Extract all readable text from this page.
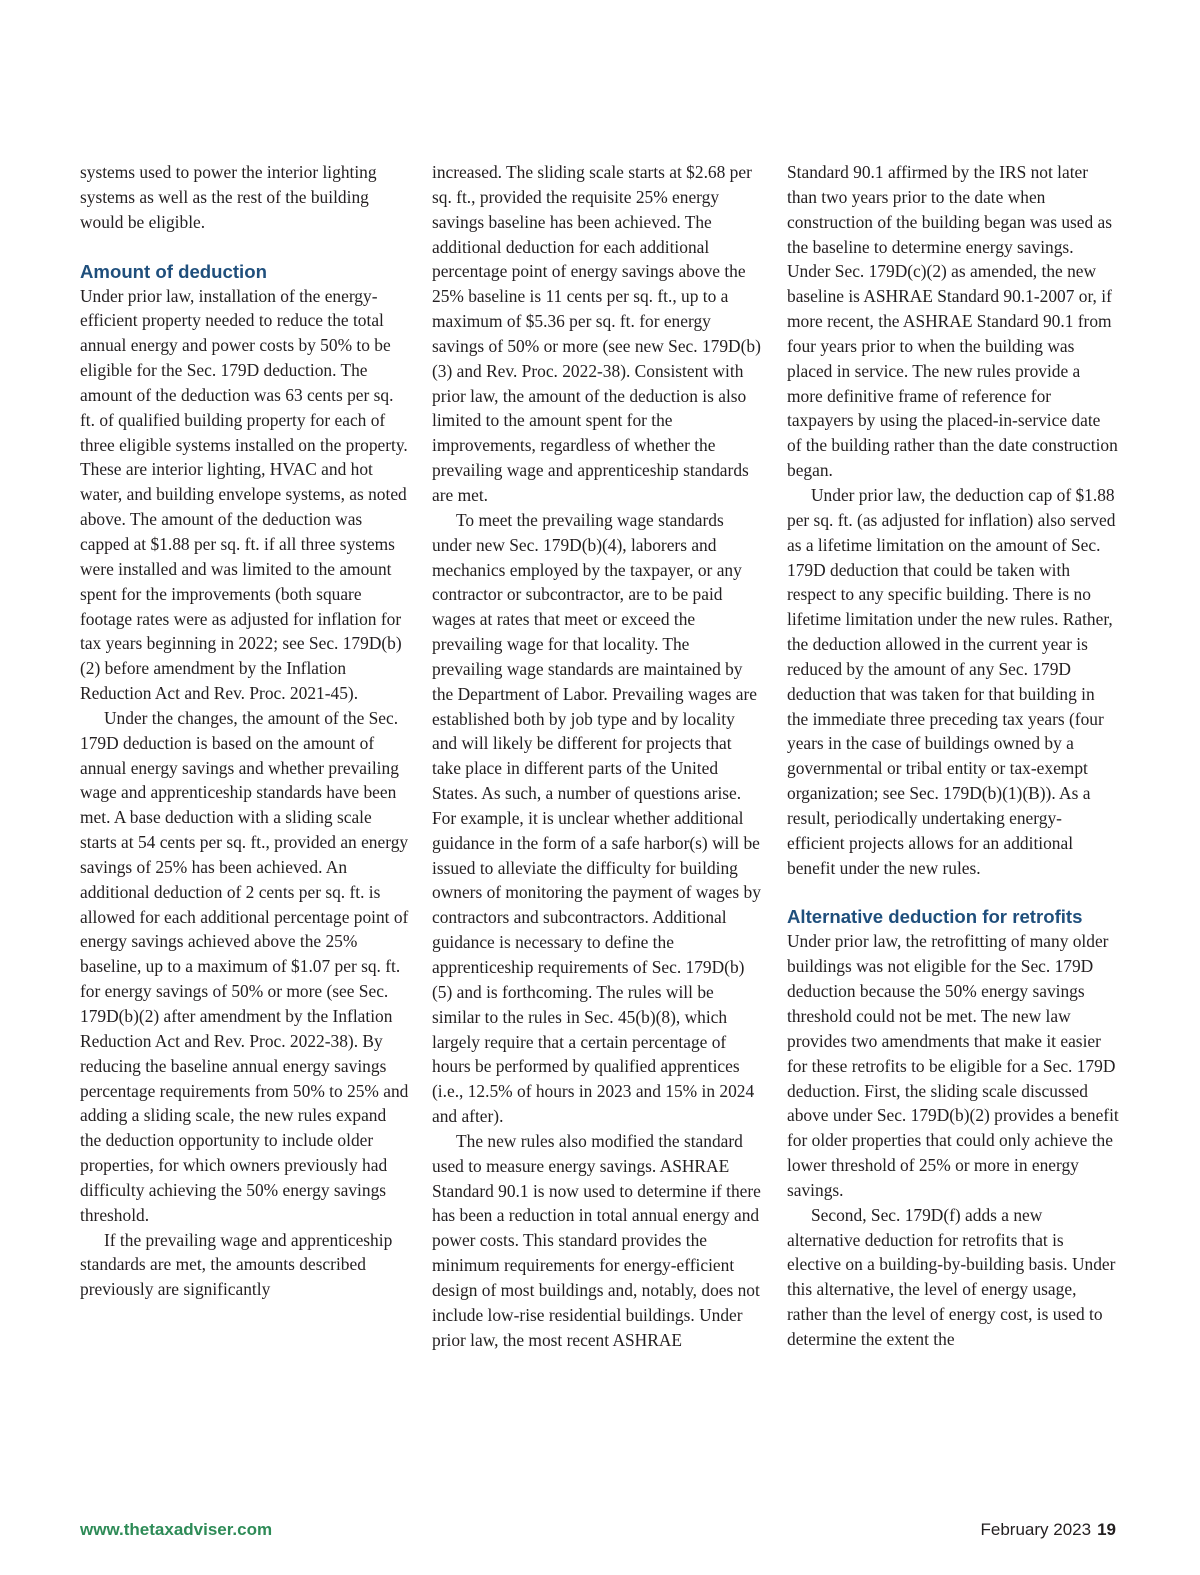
systems used to power the interior lighting systems as well as the rest of the building would be eligible.

Amount of deduction

Under prior law, installation of the energy-efficient property needed to reduce the total annual energy and power costs by 50% to be eligible for the Sec. 179D deduction. The amount of the deduction was 63 cents per sq. ft. of qualified building property for each of three eligible systems installed on the property. These are interior lighting, HVAC and hot water, and building envelope systems, as noted above. The amount of the deduction was capped at $1.88 per sq. ft. if all three systems were installed and was limited to the amount spent for the improvements (both square footage rates were as adjusted for inflation for tax years beginning in 2022; see Sec. 179D(b)(2) before amendment by the Inflation Reduction Act and Rev. Proc. 2021-45).

Under the changes, the amount of the Sec. 179D deduction is based on the amount of annual energy savings and whether prevailing wage and apprenticeship standards have been met. A base deduction with a sliding scale starts at 54 cents per sq. ft., provided an energy savings of 25% has been achieved. An additional deduction of 2 cents per sq. ft. is allowed for each additional percentage point of energy savings achieved above the 25% baseline, up to a maximum of $1.07 per sq. ft. for energy savings of 50% or more (see Sec. 179D(b)(2) after amendment by the Inflation Reduction Act and Rev. Proc. 2022-38). By reducing the baseline annual energy savings percentage requirements from 50% to 25% and adding a sliding scale, the new rules expand the deduction opportunity to include older properties, for which owners previously had difficulty achieving the 50% energy savings threshold.

If the prevailing wage and apprenticeship standards are met, the amounts described previously are significantly

increased. The sliding scale starts at $2.68 per sq. ft., provided the requisite 25% energy savings baseline has been achieved. The additional deduction for each additional percentage point of energy savings above the 25% baseline is 11 cents per sq. ft., up to a maximum of $5.36 per sq. ft. for energy savings of 50% or more (see new Sec. 179D(b)(3) and Rev. Proc. 2022-38). Consistent with prior law, the amount of the deduction is also limited to the amount spent for the improvements, regardless of whether the prevailing wage and apprenticeship standards are met.

To meet the prevailing wage standards under new Sec. 179D(b)(4), laborers and mechanics employed by the taxpayer, or any contractor or subcontractor, are to be paid wages at rates that meet or exceed the prevailing wage for that locality. The prevailing wage standards are maintained by the Department of Labor. Prevailing wages are established both by job type and by locality and will likely be different for projects that take place in different parts of the United States. As such, a number of questions arise. For example, it is unclear whether additional guidance in the form of a safe harbor(s) will be issued to alleviate the difficulty for building owners of monitoring the payment of wages by contractors and subcontractors. Additional guidance is necessary to define the apprenticeship requirements of Sec. 179D(b)(5) and is forthcoming. The rules will be similar to the rules in Sec. 45(b)(8), which largely require that a certain percentage of hours be performed by qualified apprentices (i.e., 12.5% of hours in 2023 and 15% in 2024 and after).

The new rules also modified the standard used to measure energy savings. ASHRAE Standard 90.1 is now used to determine if there has been a reduction in total annual energy and power costs. This standard provides the minimum requirements for energy-efficient design of most buildings and, notably, does not include low-rise residential buildings. Under prior law, the most recent ASHRAE

Standard 90.1 affirmed by the IRS not later than two years prior to the date when construction of the building began was used as the baseline to determine energy savings. Under Sec. 179D(c)(2) as amended, the new baseline is ASHRAE Standard 90.1-2007 or, if more recent, the ASHRAE Standard 90.1 from four years prior to when the building was placed in service. The new rules provide a more definitive frame of reference for taxpayers by using the placed-in-service date of the building rather than the date construction began.

Under prior law, the deduction cap of $1.88 per sq. ft. (as adjusted for inflation) also served as a lifetime limitation on the amount of Sec. 179D deduction that could be taken with respect to any specific building. There is no lifetime limitation under the new rules. Rather, the deduction allowed in the current year is reduced by the amount of any Sec. 179D deduction that was taken for that building in the immediate three preceding tax years (four years in the case of buildings owned by a governmental or tribal entity or tax-exempt organization; see Sec. 179D(b)(1)(B)). As a result, periodically undertaking energy-efficient projects allows for an additional benefit under the new rules.

Alternative deduction for retrofits

Under prior law, the retrofitting of many older buildings was not eligible for the Sec. 179D deduction because the 50% energy savings threshold could not be met. The new law provides two amendments that make it easier for these retrofits to be eligible for a Sec. 179D deduction. First, the sliding scale discussed above under Sec. 179D(b)(2) provides a benefit for older properties that could only achieve the lower threshold of 25% or more in energy savings.

Second, Sec. 179D(f) adds a new alternative deduction for retrofits that is elective on a building-by-building basis. Under this alternative, the level of energy usage, rather than the level of energy cost, is used to determine the extent the

www.thetaxadviser.com	February 2023 19
